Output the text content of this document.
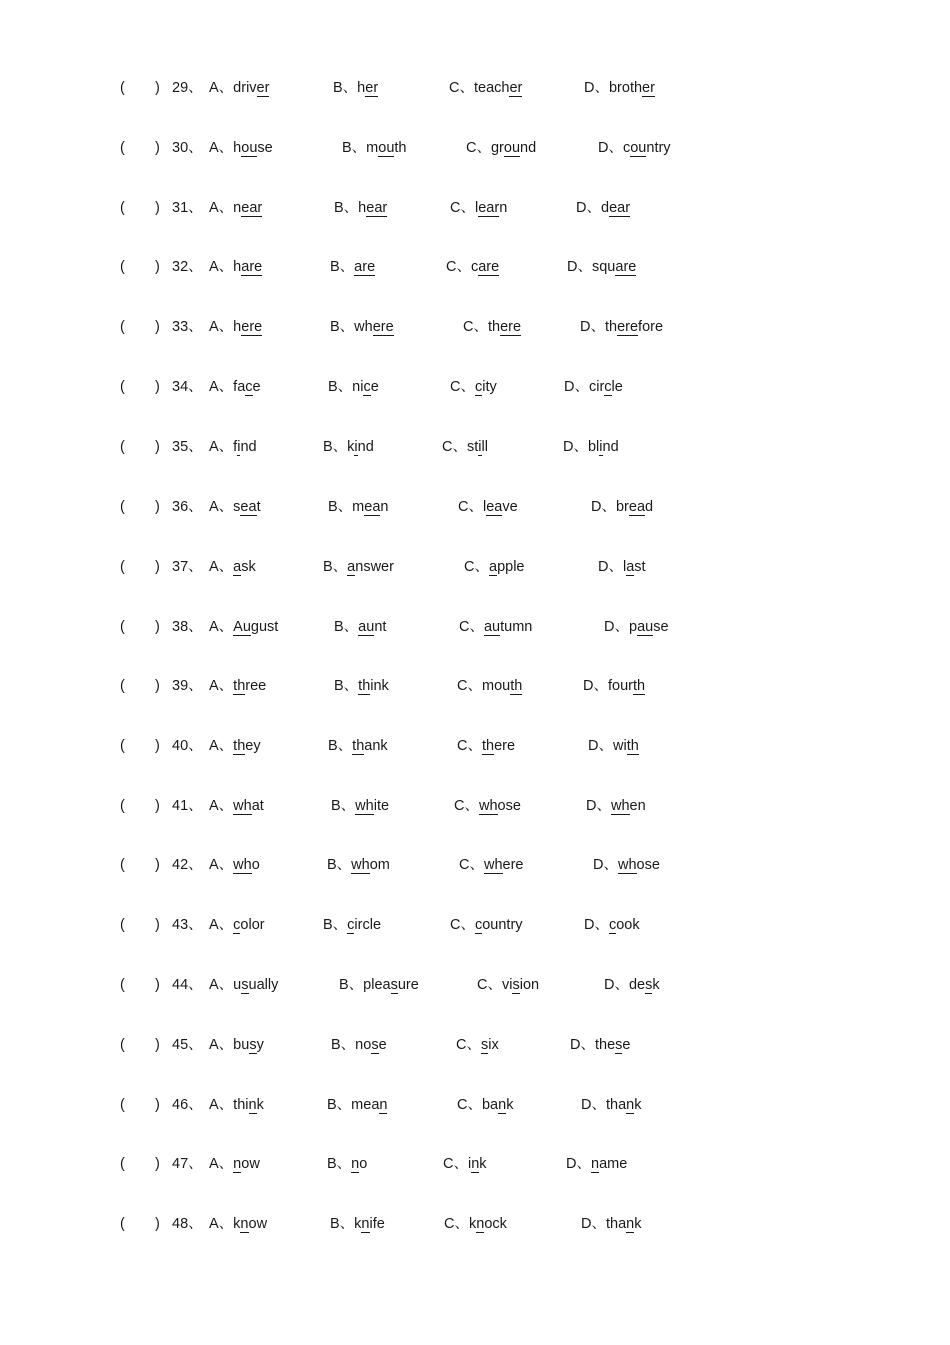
( ) 29、 A、driver	B、her	C、teacher	D、brother
( ) 30、 A、house	B、mouth	C、ground	D、country
( ) 31、 A、near	B、hear	C、learn	D、dear
( ) 32、 A、hare	B、are	C、care	D、square
( ) 33、 A、here	B、where	C、there	D、therefore
( ) 34、 A、face	B、nice	C、city	D、circle
( ) 35、 A、find	B、kind	C、still	D、blind
( ) 36、 A、seat	B、mean	C、leave	D、bread
( ) 37、 A、ask	B、answer	C、apple	D、last
( ) 38、 A、August	B、aunt	C、autumn	D、pause
( ) 39、 A、three	B、think	C、mouth	D、fourth
( ) 40、 A、they	B、thank	C、there	D、with
( ) 41、 A、what	B、white	C、whose	D、when
( ) 42、 A、who	B、whom	C、where	D、whose
( ) 43、 A、color	B、circle	C、country	D、cook
( ) 44、 A、usually	B、pleasure	C、vision	D、desk
( ) 45、 A、busy	B、nose	C、six	D、these
( ) 46、 A、think	B、mean	C、bank	D、thank
( ) 47、 A、now	B、no	C、ink	D、name
( ) 48、 A、know	B、knife	C、knock	D、thank
